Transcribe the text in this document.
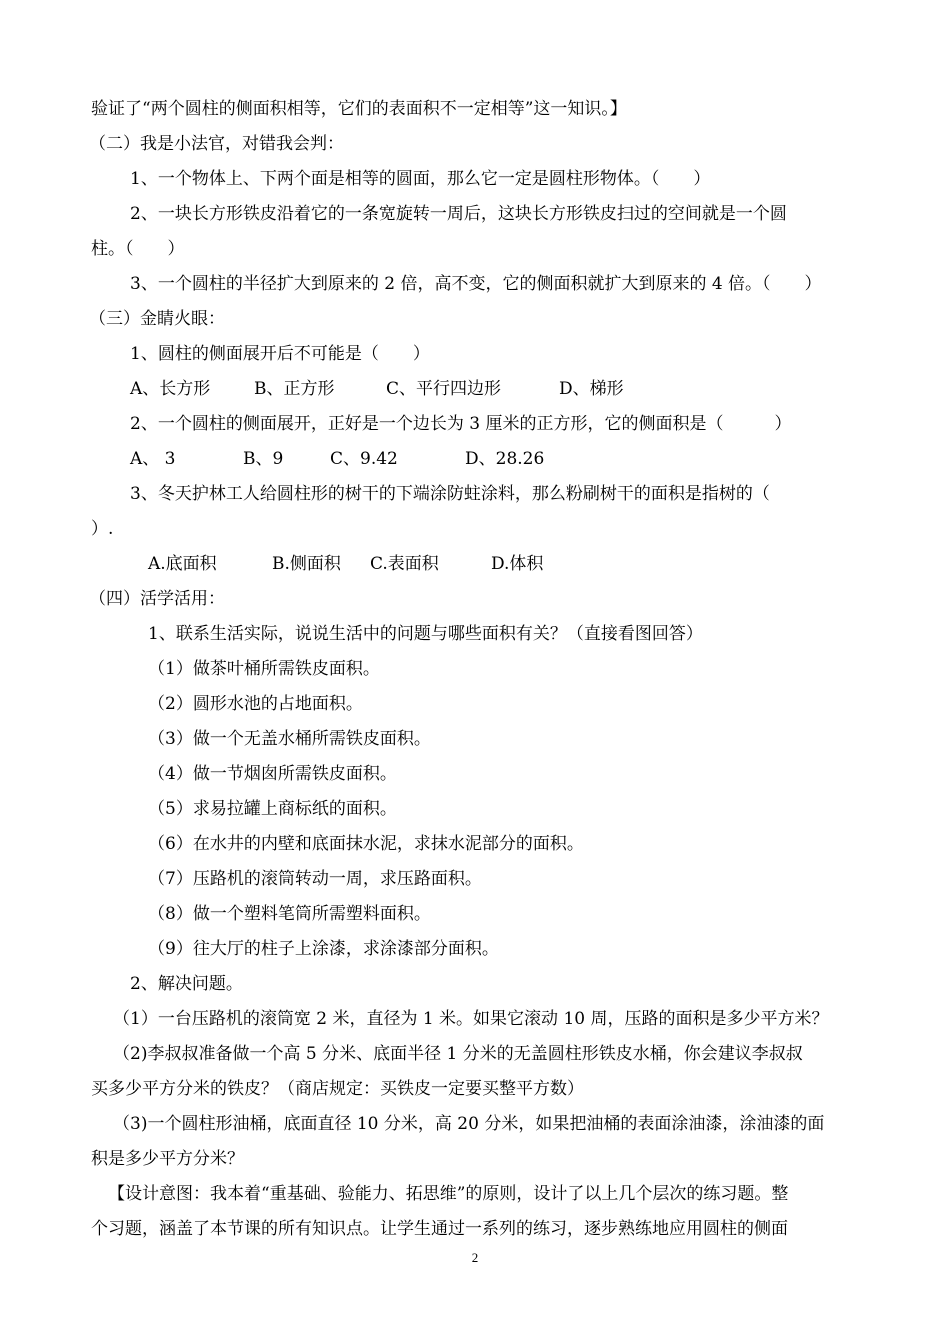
验证了“两个圆柱的侧面积相等，它们的表面积不一定相等”这一知识。】
（二）我是小法官，对错我会判：
1、一个物体上、下两个面是相等的圆面，那么它一定是圆柱形物体。（　　）
2、一块长方形铁皮沿着它的一条宽旋转一周后，这块长方形铁皮扫过的空间就是一个圆
柱。（　　）
3、一个圆柱的半径扩大到原来的 2 倍，高不变，它的侧面积就扩大到原来的 4 倍。（　　）
（三）金睛火眼：
1、圆柱的侧面展开后不可能是（　　）
A、长方形	B、正方形	C、平行四边形	D、梯形
2、一个圆柱的侧面展开，正好是一个边长为 3 厘米的正方形，它的侧面积是（　　　）
A、 3	B、9	C、9.42	D、28.26
3、冬天护林工人给圆柱形的树干的下端涂防蛀涂料，那么粉刷树干的面积是指树的（
）.
A.底面积	B.侧面积 C.表面积	D.体积
（四）活学活用：
1、联系生活实际，说说生活中的问题与哪些面积有关？（直接看图回答）
（1）做茶叶桶所需铁皮面积。
（2）圆形水池的占地面积。
（3）做一个无盖水桶所需铁皮面积。
（4）做一节烟囱所需铁皮面积。
（5）求易拉罐上商标纸的面积。
（6）在水井的内壁和底面抹水泥，求抹水泥部分的面积。
（7）压路机的滚筒转动一周，求压路面积。
（8）做一个塑料笔筒所需塑料面积。
（9）往大厅的柱子上涂漆，求涂漆部分面积。
2、解决问题。
（1）一台压路机的滚筒宽 2 米，直径为 1 米。如果它滚动 10 周，压路的面积是多少平方米？
（2)李叔叔准备做一个高 5 分米、底面半径 1 分米的无盖圆柱形铁皮水桶，你会建议李叔叔
买多少平方分米的铁皮？（商店规定：买铁皮一定要买整平方数）
（3)一个圆柱形油桶，底面直径 10 分米，高 20 分米，如果把油桶的表面涂油漆，涂油漆的面
积是多少平方分米？
【设计意图：我本着“重基础、验能力、拓思维”的原则，设计了以上几个层次的练习题。整
个习题，涵盖了本节课的所有知识点。让学生通过一系列的练习，逐步熟练地应用圆柱的侧面
2
